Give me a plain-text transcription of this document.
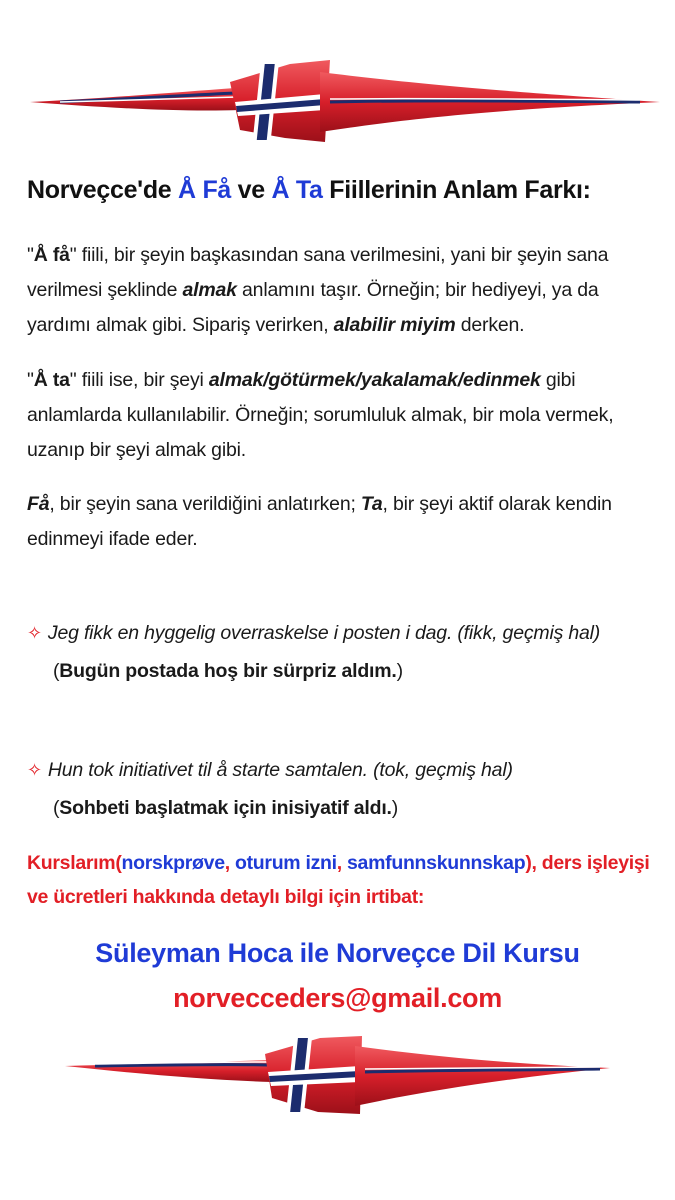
Norveçce'de Å Få ve Å Ta Fiillerinin Anlam Farkı:

"Å få" fiili, bir şeyin başkasından sana verilmesini, yani bir şeyin sana verilmesi şeklinde almak anlamını taşır. Örneğin; bir hediyeyi, ya da yardımı almak gibi. Sipariş verirken, alabilir miyim derken.

"Å ta" fiili ise, bir şeyi almak/götürmek/yakalamak/edinmek gibi anlamlarda kullanılabilir. Örneğin; sorumluluk almak, bir mola vermek, uzanıp bir şeyi almak gibi.

Få, bir şeyin sana verildiğini anlatırken; Ta, bir şeyi aktif olarak kendin edinmeyi ifade eder.

✧ Jeg fikk en hyggelig overraskelse i posten i dag. (fikk, geçmiş hal)
(Bugün postada hoş bir sürpriz aldım.)
✧ Hun tok initiativet til å starte samtalen. (tok, geçmiş hal)
(Sohbeti başlatmak için inisiyatif aldı.)
Kurslarım(norskprøve, oturum izni, samfunnskunnskap), ders işleyişi ve ücretleri hakkında detaylı bilgi için irtibat:
Süleyman Hoca ile Norveçce Dil Kursu
norvecceders@gmail.com
